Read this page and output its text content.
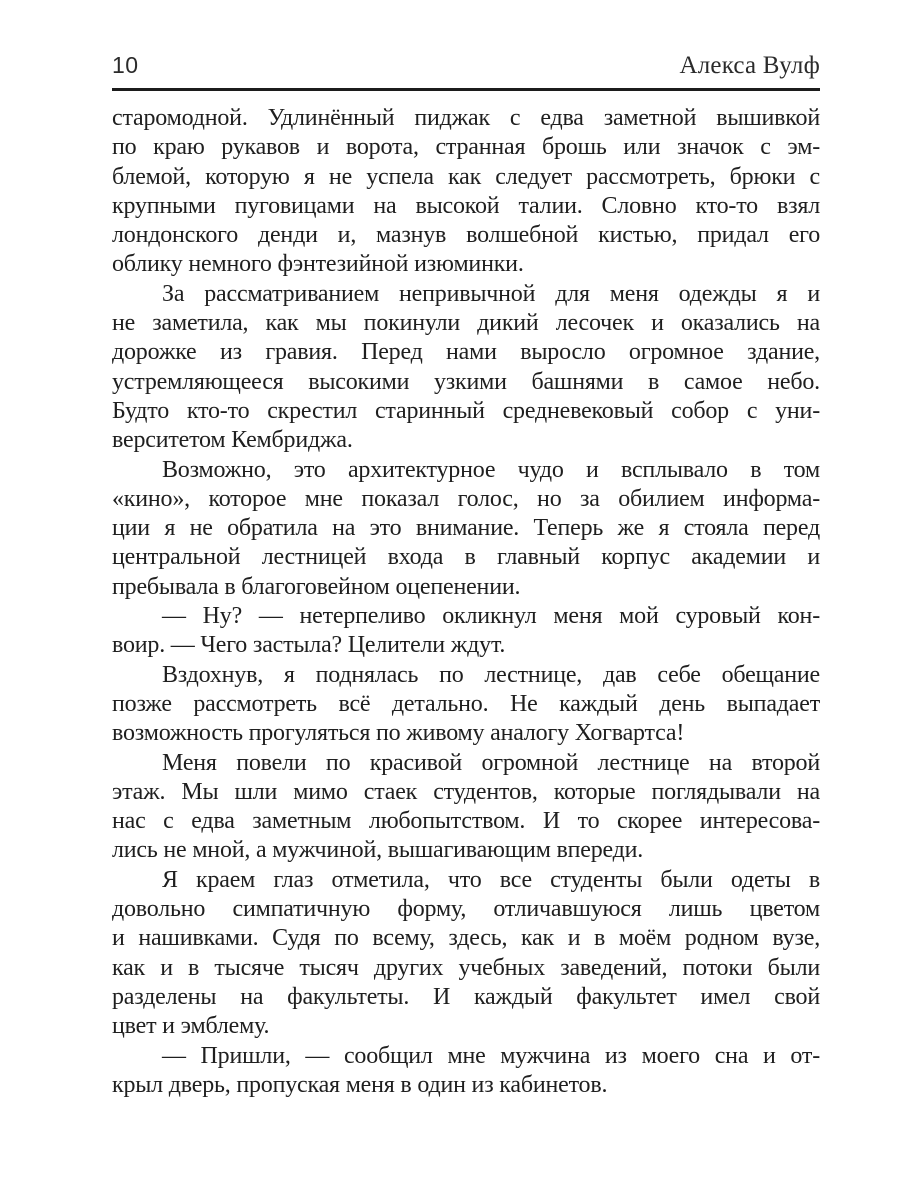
10	Алекса Вулф

старомодной. Удлинённый пиджак с едва заметной вышивкой
по краю рукавов и ворота, странная брошь или значок с эм-
блемой, которую я не успела как следует рассмотреть, брюки с
крупными пуговицами на высокой талии. Словно кто-то взял
лондонского денди и, мазнув волшебной кистью, придал его
облику немного фэнтезийной изюминки.

За рассматриванием непривычной для меня одежды я и
не заметила, как мы покинули дикий лесочек и оказались на
дорожке из гравия. Перед нами выросло огромное здание,
устремляющееся высокими узкими башнями в самое небо.
Будто кто-то скрестил старинный средневековый собор с уни-
верситетом Кембриджа.

Возможно, это архитектурное чудо и всплывало в том
«кино», которое мне показал голос, но за обилием информа-
ции я не обратила на это внимание. Теперь же я стояла перед
центральной лестницей входа в главный корпус академии и
пребывала в благоговейном оцепенении.

— Ну? — нетерпеливо окликнул меня мой суровый кон-
воир. — Чего застыла? Целители ждут.

Вздохнув, я поднялась по лестнице, дав себе обещание
позже рассмотреть всё детально. Не каждый день выпадает
возможность прогуляться по живому аналогу Хогвартса!

Меня повели по красивой огромной лестнице на второй
этаж. Мы шли мимо стаек студентов, которые поглядывали на
нас с едва заметным любопытством. И то скорее интересова-
лись не мной, а мужчиной, вышагивающим впереди.

Я краем глаз отметила, что все студенты были одеты в
довольно симпатичную форму, отличавшуюся лишь цветом
и нашивками. Судя по всему, здесь, как и в моём родном вузе,
как и в тысяче тысяч других учебных заведений, потоки были
разделены на факультеты. И каждый факультет имел свой
цвет и эмблему.

— Пришли, — сообщил мне мужчина из моего сна и от-
крыл дверь, пропуская меня в один из кабинетов.
